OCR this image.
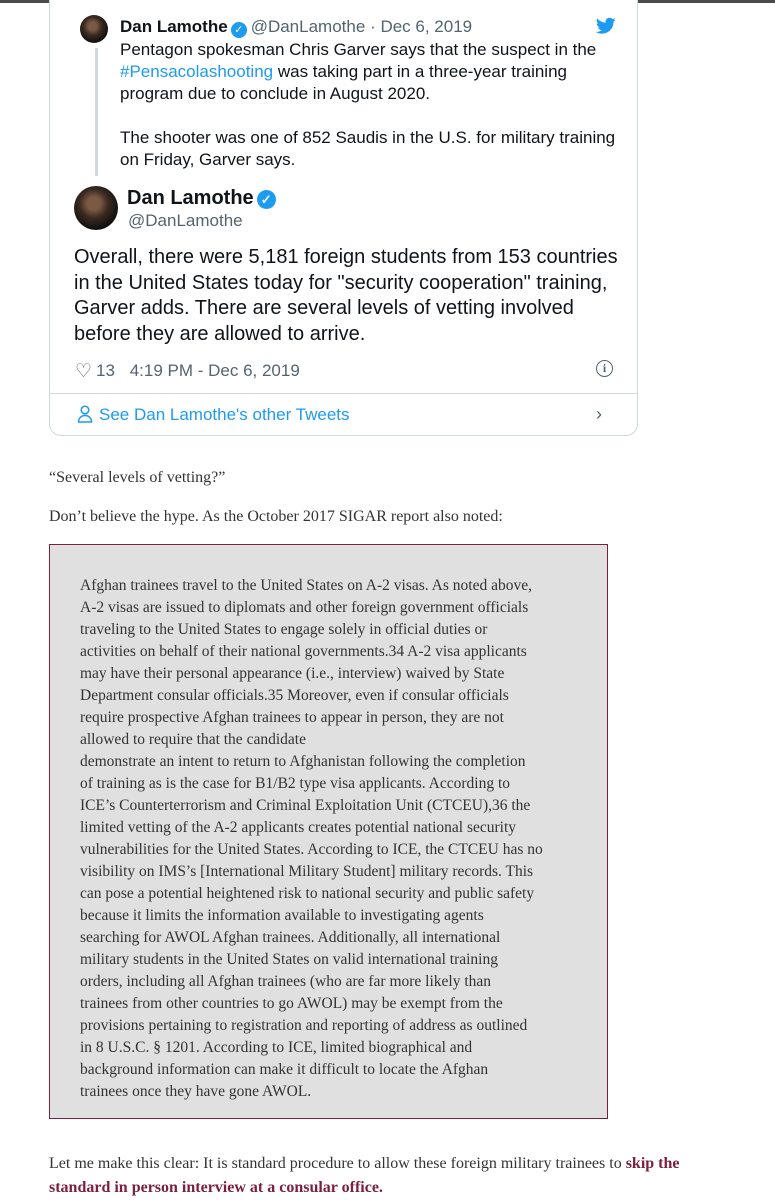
Dan Lamothe ✓ @DanLamothe · Dec 6, 2019

Pentagon spokesman Chris Garver says that the suspect in the #Pensacolashooting was taking part in a three-year training program due to conclude in August 2020.

The shooter was one of 852 Saudis in the U.S. for military training on Friday, Garver says.

Dan Lamothe ✓
@DanLamothe
Overall, there were 5,181 foreign students from 153 countries in the United States today for "security cooperation" training, Garver adds. There are several levels of vetting involved before they are allowed to arrive.
♡ 13 4:19 PM - Dec 6, 2019	i
See Dan Lamothe's other Tweets	›
“Several levels of vetting?”
Don’t believe the hype. As the October 2017 SIGAR report also noted:
Afghan trainees travel to the United States on A-2 visas. As noted above,
A-2 visas are issued to diplomats and other foreign government officials
traveling to the United States to engage solely in official duties or
activities on behalf of their national governments.34 A-2 visa applicants
may have their personal appearance (i.e., interview) waived by State
Department consular officials.35 Moreover, even if consular officials
require prospective Afghan trainees to appear in person, they are not
allowed to require that the candidate
demonstrate an intent to return to Afghanistan following the completion
of training as is the case for B1/B2 type visa applicants. According to
ICE’s Counterterrorism and Criminal Exploitation Unit (CTCEU),36 the
limited vetting of the A-2 applicants creates potential national security
vulnerabilities for the United States. According to ICE, the CTCEU has no
visibility on IMS’s [International Military Student] military records. This
can pose a potential heightened risk to national security and public safety
because it limits the information available to investigating agents
searching for AWOL Afghan trainees. Additionally, all international
military students in the United States on valid international training
orders, including all Afghan trainees (who are far more likely than
trainees from other countries to go AWOL) may be exempt from the
provisions pertaining to registration and reporting of address as outlined
in 8 U.S.C. § 1201. According to ICE, limited biographical and
background information can make it difficult to locate the Afghan
trainees once they have gone AWOL.
Let me make this clear: It is standard procedure to allow these foreign military trainees to skip the standard in person interview at a consular office.
